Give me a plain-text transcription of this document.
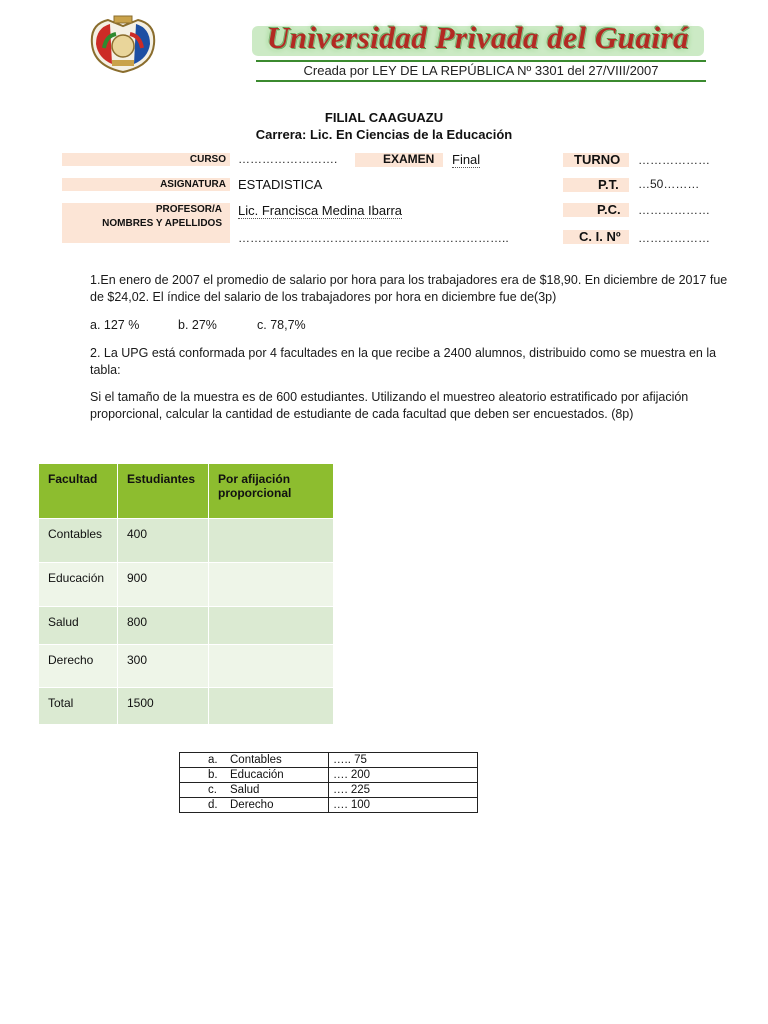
Universidad Privada del Guairá
Creada por LEY DE LA REPÚBLICA Nº 3301 del 27/VIII/2007
FILIAL CAAGUAZU
Carrera: Lic. En Ciencias de la Educación
CURSO	…………………….	EXAMEN Final	TURNO ………………
ASIGNATURA ESTADISTICA	P.T. …50………
PROFESOR/A
NOMBRES Y APELLIDOS
Lic. Francisca Medina Ibarra
…………………………………………………………..
P.C. ………………
C. I. Nº ………………
1.En enero de 2007 el promedio de salario por hora para los trabajadores era de $18,90. En diciembre de 2017 fue de $24,02. El índice del salario de los trabajadores por hora en diciembre fue de(3p)
a. 127 %	b. 27%	c. 78,7%
2. La UPG está conformada por 4 facultades en la que recibe a 2400 alumnos, distribuido como se muestra en la tabla:
Si el tamaño de la muestra es de 600 estudiantes. Utilizando el muestreo aleatorio estratificado por afijación proporcional, calcular la cantidad de estudiante de cada facultad que deben ser encuestados. (8p)
Facultad	Estudiantes	Por afijación proporcional
Contables	400	
Educación	900	
Salud	800	
Derecho	300	
Total	1500	
a. Contables	….. 75
b. Educación	…. 200
c. Salud	…. 225
d. Derecho	…. 100
